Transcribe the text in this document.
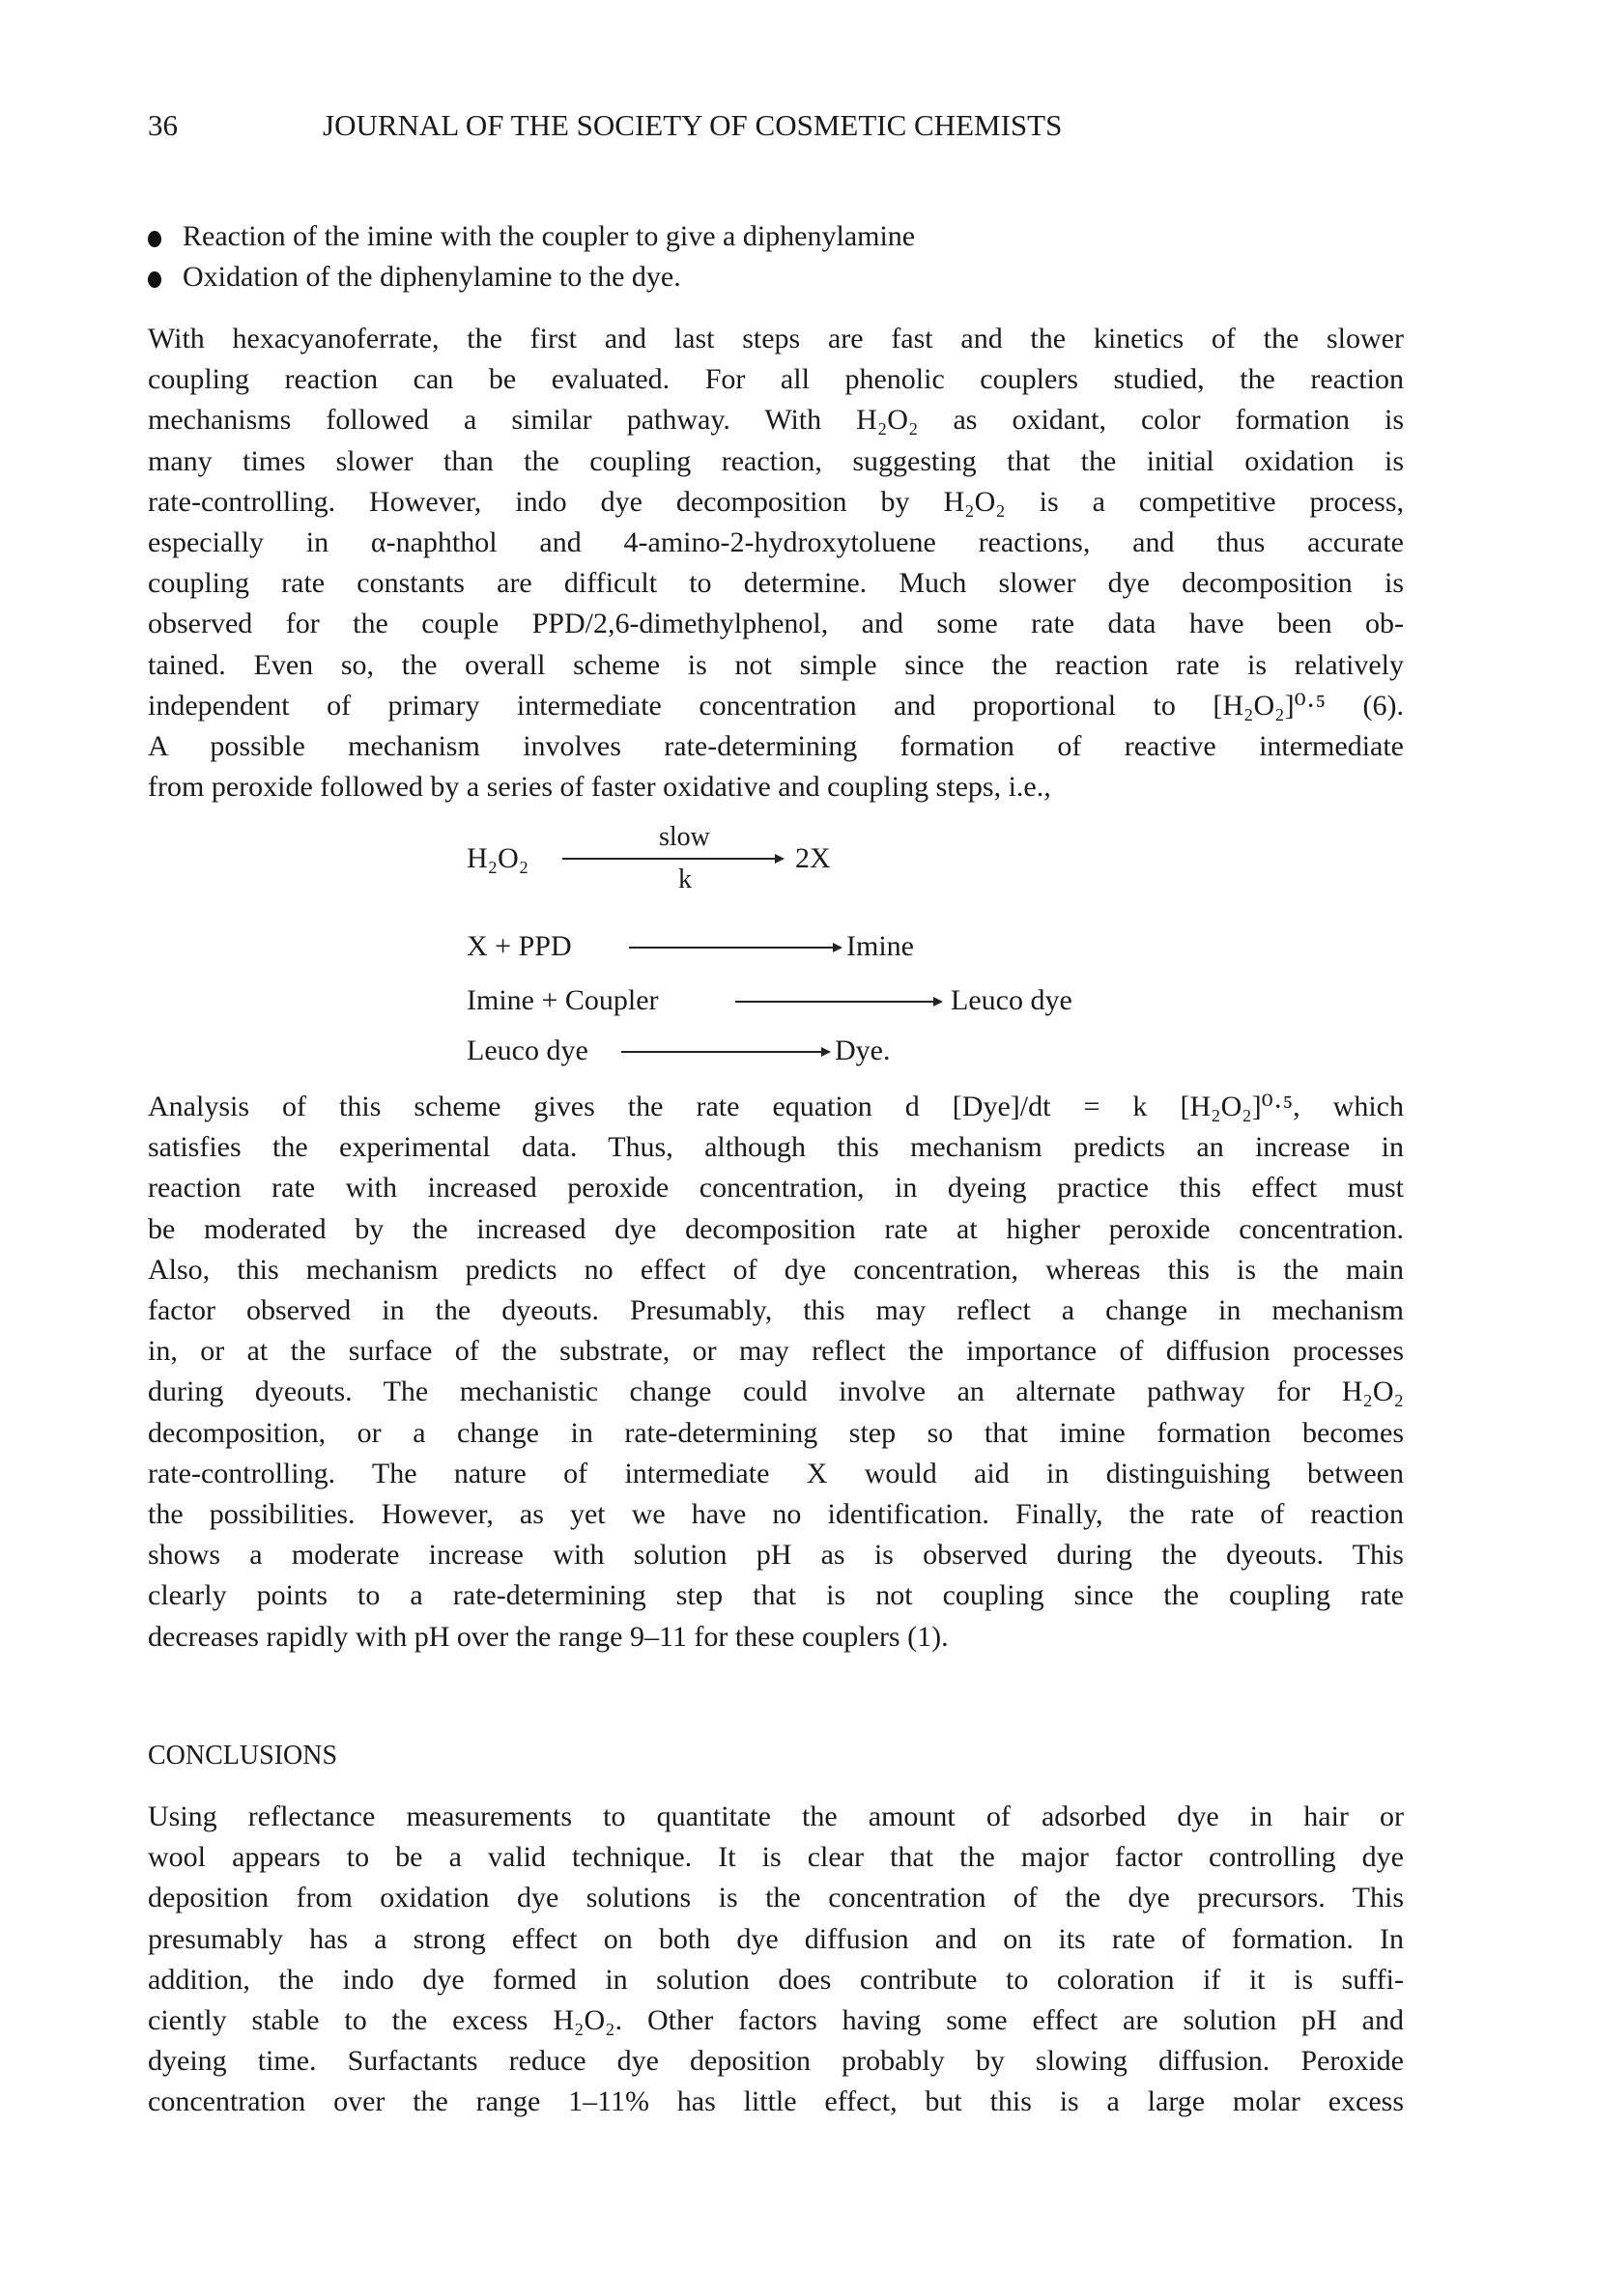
36	JOURNAL OF THE SOCIETY OF COSMETIC CHEMISTS
Reaction of the imine with the coupler to give a diphenylamine
Oxidation of the diphenylamine to the dye.
With hexacyanoferrate, the first and last steps are fast and the kinetics of the slower
coupling reaction can be evaluated. For all phenolic couplers studied, the reaction
mechanisms followed a similar pathway. With H₂O₂ as oxidant, color formation is
many times slower than the coupling reaction, suggesting that the initial oxidation is
rate-controlling. However, indo dye decomposition by H₂O₂ is a competitive process,
especially in α-naphthol and 4-amino-2-hydroxytoluene reactions, and thus accurate
coupling rate constants are difficult to determine. Much slower dye decomposition is
observed for the couple PPD/2,6-dimethylphenol, and some rate data have been ob-
tained. Even so, the overall scheme is not simple since the reaction rate is relatively
independent of primary intermediate concentration and proportional to [H₂O₂]⁰·⁵ (6).
A possible mechanism involves rate-determining formation of reactive intermediate
from peroxide followed by a series of faster oxidative and coupling steps, i.e.,
H₂O₂
slow
k
2X
X + PPD	Imine
Imine + Coupler	Leuco dye
Leuco dye	Dye.
Analysis of this scheme gives the rate equation d [Dye]/dt = k [H₂O₂]⁰·⁵, which
satisfies the experimental data. Thus, although this mechanism predicts an increase in
reaction rate with increased peroxide concentration, in dyeing practice this effect must
be moderated by the increased dye decomposition rate at higher peroxide concentration.
Also, this mechanism predicts no effect of dye concentration, whereas this is the main
factor observed in the dyeouts. Presumably, this may reflect a change in mechanism
in, or at the surface of the substrate, or may reflect the importance of diffusion processes
during dyeouts. The mechanistic change could involve an alternate pathway for H₂O₂
decomposition, or a change in rate-determining step so that imine formation becomes
rate-controlling. The nature of intermediate X would aid in distinguishing between
the possibilities. However, as yet we have no identification. Finally, the rate of reaction
shows a moderate increase with solution pH as is observed during the dyeouts. This
clearly points to a rate-determining step that is not coupling since the coupling rate
decreases rapidly with pH over the range 9–11 for these couplers (1).
CONCLUSIONS
Using reflectance measurements to quantitate the amount of adsorbed dye in hair or
wool appears to be a valid technique. It is clear that the major factor controlling dye
deposition from oxidation dye solutions is the concentration of the dye precursors. This
presumably has a strong effect on both dye diffusion and on its rate of formation. In
addition, the indo dye formed in solution does contribute to coloration if it is suffi-
ciently stable to the excess H₂O₂. Other factors having some effect are solution pH and
dyeing time. Surfactants reduce dye deposition probably by slowing diffusion. Peroxide
concentration over the range 1–11% has little effect, but this is a large molar excess
